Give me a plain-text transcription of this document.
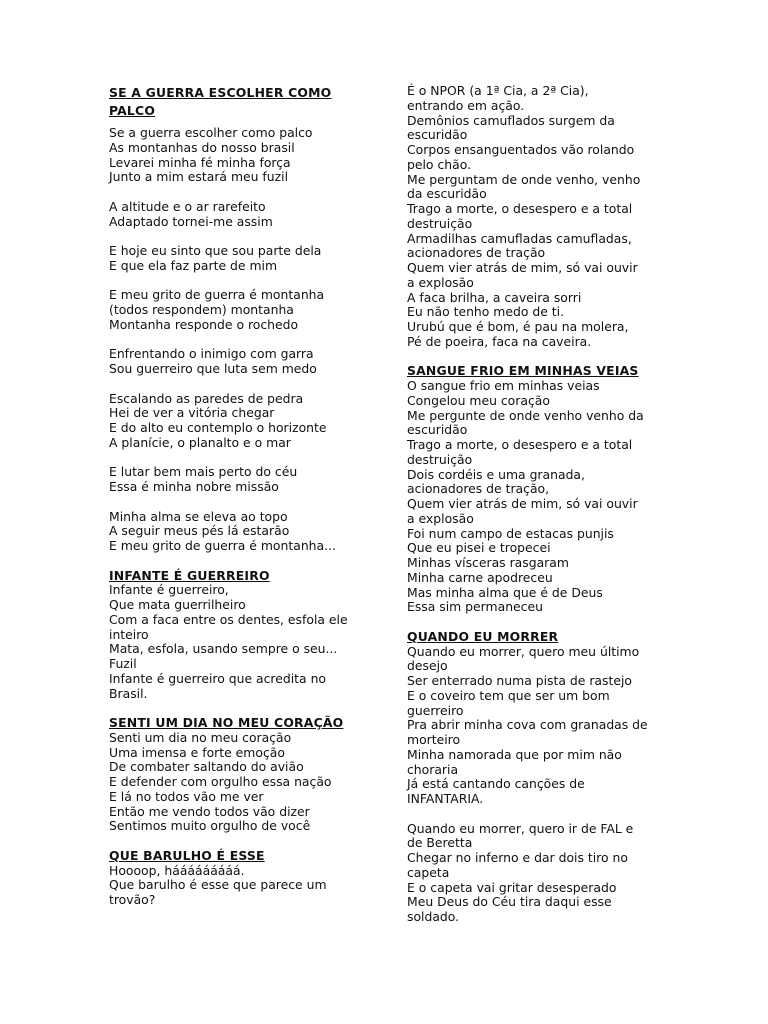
SE A GUERRA ESCOLHER COMO
PALCO

Se a guerra escolher como palco

As montanhas do nosso brasil

Levarei minha fé minha força

Junto a mim estará meu fuzil

A altitude e o ar rarefeito

Adaptado tornei-me assim

E hoje eu sinto que sou parte dela

E que ela faz parte de mim

E meu grito de guerra é montanha

(todos respondem) montanha

Montanha responde o rochedo

Enfrentando o inimigo com garra

Sou guerreiro que luta sem medo

Escalando as paredes de pedra

Hei de ver a vitória chegar

E do alto eu contemplo o horizonte

A planície, o planalto e o mar

E lutar bem mais perto do céu

Essa é minha nobre missão

Minha alma se eleva ao topo

A seguir meus pés lá estarão

E meu grito de guerra é montanha...

INFANTE É GUERREIRO

Infante é guerreiro,

Que mata guerrilheiro

Com a faca entre os dentes, esfola ele

inteiro

Mata, esfola, usando sempre o seu...

Fuzil

Infante é guerreiro que acredita no

Brasil.

SENTI UM DIA NO MEU CORAÇÃO

Senti um dia no meu coração

Uma imensa e forte emoção

De combater saltando do avião

E defender com orgulho essa nação

E lá no todos vão me ver

Então me vendo todos vão dizer

Sentimos muito orgulho de você

QUE BARULHO É ESSE

Hoooop, hááááááááá.

Que barulho é esse que parece um

trovão?

É o NPOR (a 1ª Cia, a 2ª Cia),

entrando em ação.

Demônios camuflados surgem da

escuridão

Corpos ensanguentados vão rolando

pelo chão.

Me perguntam de onde venho, venho

da escuridão

Trago a morte, o desespero e a total

destruição

Armadilhas camufladas camufladas,

acionadores de tração

Quem vier atrás de mim, só vai ouvir

a explosão

A faca brilha, a caveira sorri

Eu não tenho medo de ti.

Urubú que é bom, é pau na molera,

Pé de poeira, faca na caveira.

SANGUE FRIO EM MINHAS VEIAS

O sangue frio em minhas veias

Congelou meu coração

Me pergunte de onde venho venho da

escuridão

Trago a morte, o desespero e a total

destruição

Dois cordéis e uma granada,

acionadores de tração,

Quem vier atrás de mim, só vai ouvir

a explosão

Foi num campo de estacas punjis

Que eu pisei e tropecei

Minhas vísceras rasgaram

Minha carne apodreceu

Mas minha alma que é de Deus

Essa sim permaneceu

QUANDO EU MORRER

Quando eu morrer, quero meu último

desejo

Ser enterrado numa pista de rastejo

E o coveiro tem que ser um bom

guerreiro

Pra abrir minha cova com granadas de

morteiro

Minha namorada que por mim não

choraria

Já está cantando canções de

INFANTARIA.

Quando eu morrer, quero ir de FAL e

de Beretta

Chegar no inferno e dar dois tiro no

capeta

E o capeta vai gritar desesperado

Meu Deus do Céu tira daqui esse

soldado.
